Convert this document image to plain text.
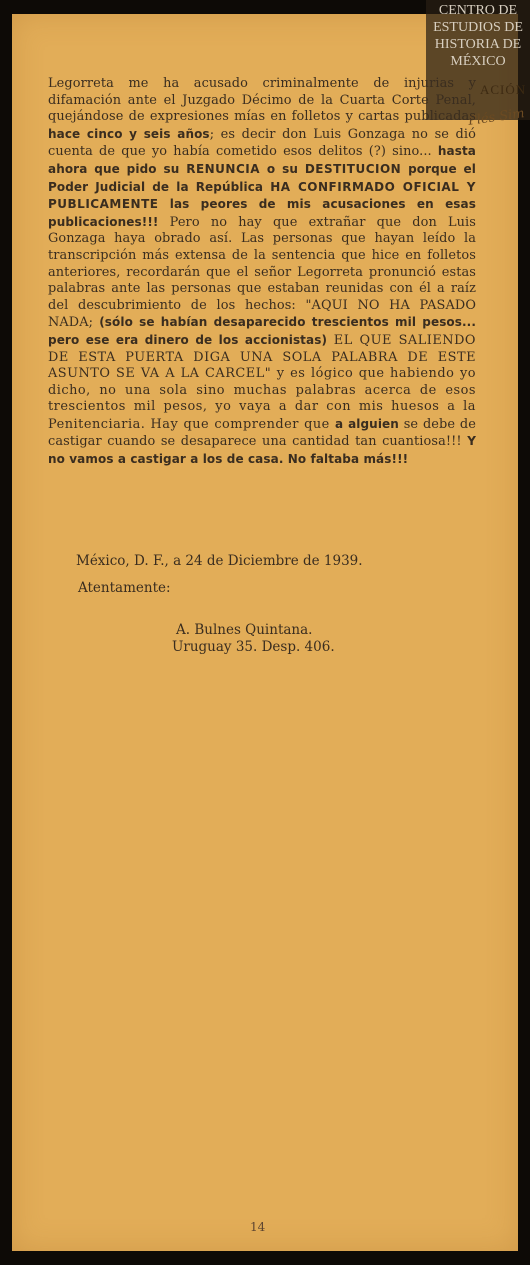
CENTRO DE ESTUDIOS DE HISTORIA DE MÉXICO
ACIÓN
Plés Sim
Legorreta me ha acusado criminalmente de injurias y difamación ante el Juzgado Décimo de la Cuarta Corte Penal, quejándose de expresiones mías en folletos y cartas publicadas hace cinco y seis años; es decir don Luis Gonzaga no se dió cuenta de que yo había cometido esos delitos (?) sino... hasta ahora que pido su RENUNCIA o su DESTITUCION porque el Poder Judicial de la República HA CONFIRMADO OFICIAL Y PUBLICAMENTE las peores de mis acusaciones en esas publicaciones!!! Pero no hay que extrañar que don Luis Gonzaga haya obrado así. Las personas que hayan leído la transcripción más extensa de la sentencia que hice en folletos anteriores, recordarán que el señor Legorreta pronunció estas palabras ante las personas que estaban reunidas con él a raíz del descubrimiento de los hechos: "AQUI NO HA PASADO NADA; (sólo se habían desaparecido trescientos mil pesos... pero ese era dinero de los accionistas) EL QUE SALIENDO DE ESTA PUERTA DIGA UNA SOLA PALABRA DE ESTE ASUNTO SE VA A LA CARCEL" y es lógico que habiendo yo dicho, no una sola sino muchas palabras acerca de esos trescientos mil pesos, yo vaya a dar con mis huesos a la Penitenciaria. Hay que comprender que a alguien se debe de castigar cuando se desaparece una cantidad tan cuantiosa!!! Y no vamos a castigar a los de casa. No faltaba más!!!
México, D. F., a 24 de Diciembre de 1939.
Atentamente:
A. Bulnes Quintana.
Uruguay 35. Desp. 406.
14
